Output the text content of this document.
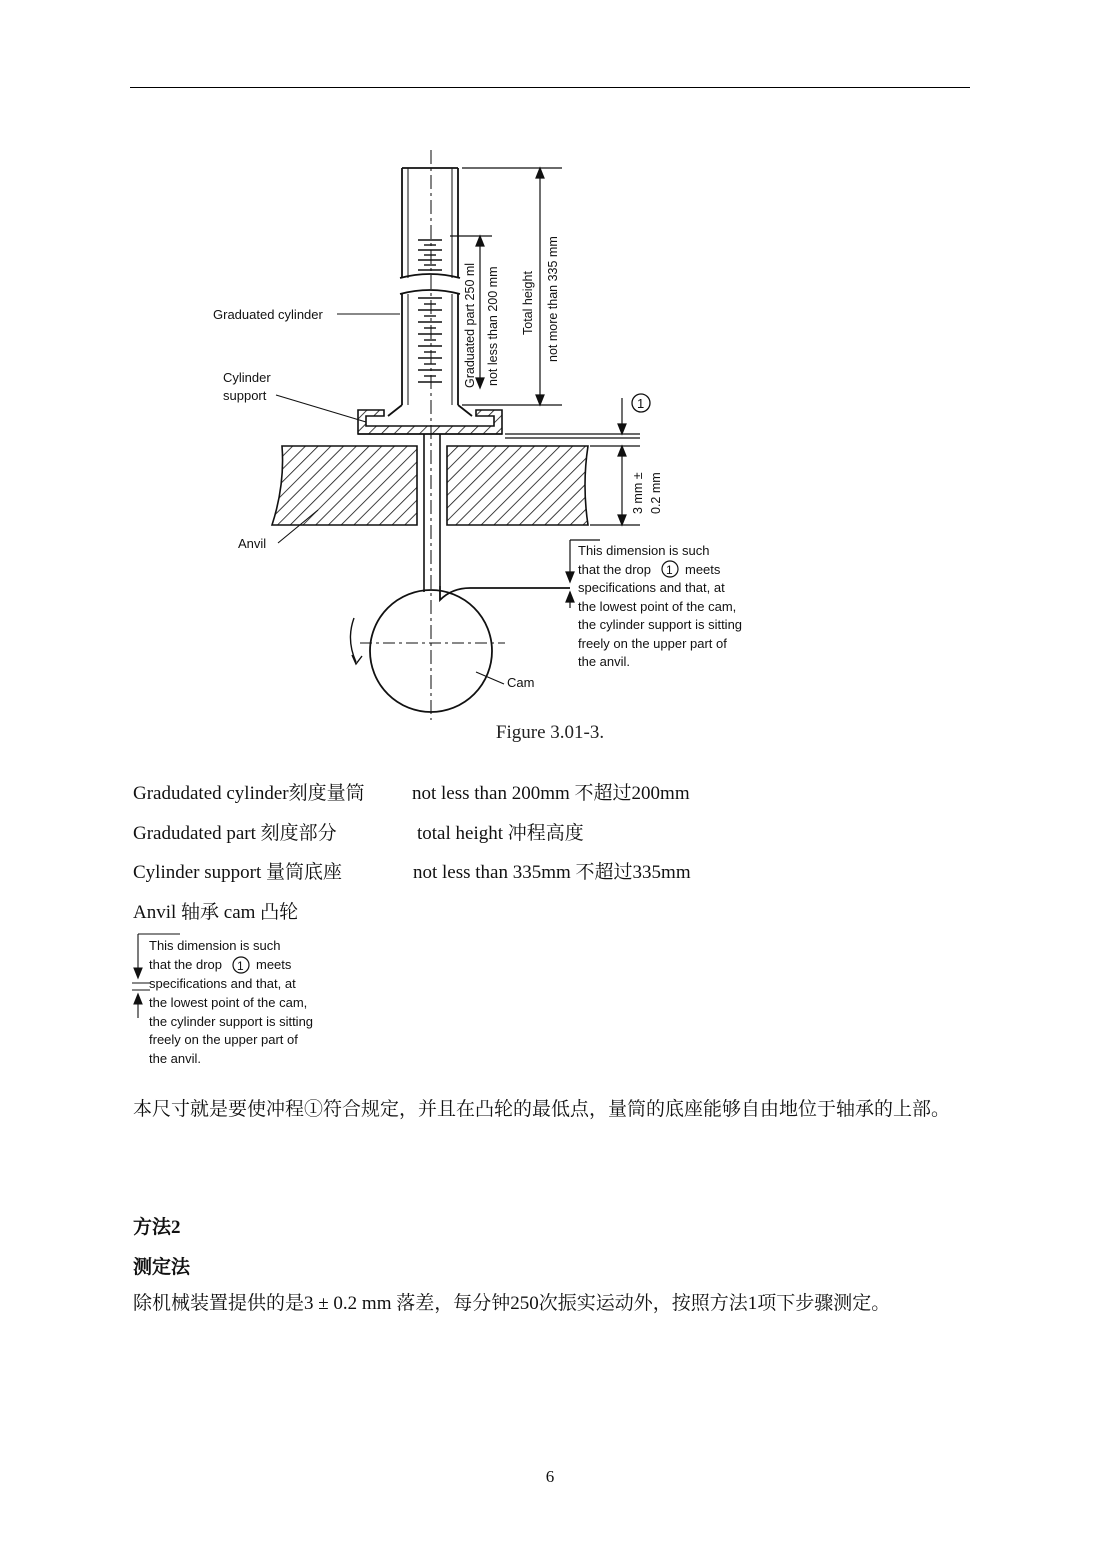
Graduated cylinder
Cylinder
support
Anvil
Cam
Graduated part 250 ml not less than 200 mm Total height not more than 335 mm
3 mm ± 0.2 mm
1
This dimension is such
that the drop 1 meets
specifications and that, at
the lowest point of the cam,
the cylinder support is sitting
freely on the upper part of
the anvil.
Figure 3.01-3.
Gradudated cylinder刻度量筒 not less than 200mm 不超过200mm
Gradudated part 刻度部分	total height 冲程高度
Cylinder support 量筒底座	not less than 335mm 不超过335mm
Anvil 轴承 cam 凸轮
This dimension is such
that the drop 1 meets
specifications and that, at
the lowest point of the cam,
the cylinder support is sitting
freely on the upper part of
the anvil.
本尺寸就是要使冲程①符合规定，并且在凸轮的最低点，量筒的底座能够自由地位于轴承的上部。
方法2
测定法
除机械装置提供的是3 ± 0.2 mm 落差，每分钟250次振实运动外，按照方法1项下步骤测定。
6
